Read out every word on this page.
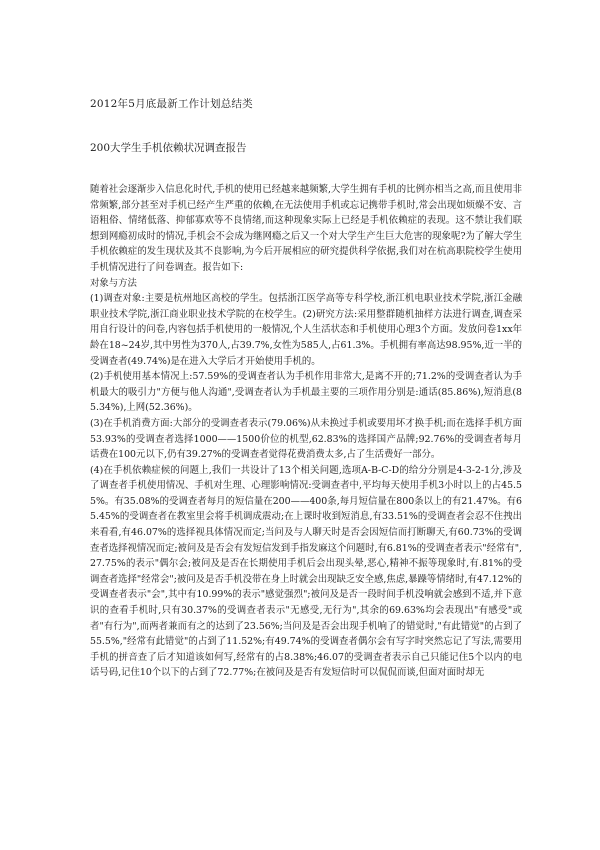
2012年5月底最新工作计划总结类
200大学生手机依赖状况调查报告

随着社会逐渐步入信息化时代,手机的使用已经越来越频繁,大学生拥有手机的比例亦相当之高,而且使用非常频繁,部分甚至对手机已经产生严重的依赖,在无法使用手机或忘记携带手机时,常会出现如烦燥不安、言语粗俗、情绪低落、抑郁寡欢等不良情绪,而这种现象实际上已经是手机依赖症的表现。这不禁让我们联想到网瘾初成时的情况,手机会不会成为继网瘾之后又一个对大学生产生巨大危害的现象呢?为了解大学生手机依赖症的发生现状及其不良影响,为今后开展相应的研究提供科学依据,我们对在杭高职院校学生使用手机情况进行了问卷调查。报告如下:

对象与方法

(1)调查对象:主要是杭州地区高校的学生。包括浙江医学高等专科学校,浙江机电职业技术学院,浙江金融职业技术学院,浙江商业职业技术学院的在校学生。(2)研究方法:采用整群随机抽样方法进行调查,调查采用自行设计的问卷,内容包括手机使用的一般情况,个人生活状态和手机使用心理3个方面。发放问卷1xx年龄在18~24岁,其中男性为370人,占39.7%,女性为585人,占61.3%。手机拥有率高达98.95%,近一半的受调查者(49.74%)是在进入大学后才开始使用手机的。

(2)手机使用基本情况上:57.59%的受调查者认为手机作用非常大,是离不开的;71.2%的受调查者认为手机最大的吸引力"方便与他人沟通",受调查者认为手机最主要的三项作用分别是:通话(85.86%),短消息(85.34%),上网(52.36%)。

(3)在手机消费方面:大部分的受调查者表示(79.06%)从未换过手机或要用坏才换手机;而在选择手机方面53.93%的受调查者选择1000——1500价位的机型,62.83%的选择国产品牌;92.76%的受调查者每月话费在100元以下,仍有39.27%的受调查者觉得花费消费太多,占了生活费好一部分。

(4)在手机依赖症候的问题上,我们一共设计了13个相关问题,选项A-B-C-D的给分分别是4-3-2-1分,涉及了调查者手机使用情况、手机对生理、心理影响情况:受调查者中,平均每天使用手机3小时以上的占45.55%。有35.08%的受调查者每月的短信量在200——400条,每月短信量在800条以上的有21.47%。有65.45%的受调查者在教室里会将手机调成震动;在上课时收到短消息,有33.51%的受调查者会忍不住拽出来看看,有46.07%的选择视具体情况而定;当问及与人聊天时是否会因短信而打断聊天,有60.73%的受调查者选择视情况而定;被问及是否会有发短信发到手指发麻这个问题时,有6.81%的受调查者表示"经常有",27.75%的表示"偶尔会;被问及是否在长期使用手机后会出现头晕,恶心,精神不振等现象时,有.81%的受调查者选择"经常会";被问及是否手机没带在身上时就会出现缺乏安全感,焦虑,暴躁等情绪时,有47.12%的受调查者表示"会",其中有10.99%的表示"感觉强烈";被问及是否一段时间手机没响就会感到不适,并下意识的查看手机时,只有30.37%的受调查者表示"无感受,无行为",其余的69.63%均会表现出"有感受"或者"有行为",而两者兼而有之的达到了23.56%;当问及是否会出现手机响了的错觉时,"有此错觉"的占到了55.5%,"经常有此错觉"的占到了11.52%;有49.74%的受调查者偶尔会有写字时突然忘记了写法,需要用手机的拼音查了后才知道该如何写,经常有的占8.38%;46.07的受调查者表示自己只能记住5个以内的电话号码,记住10个以下的占到了72.77%;在被问及是否有发短信时可以侃侃而谈,但面对面时却无
